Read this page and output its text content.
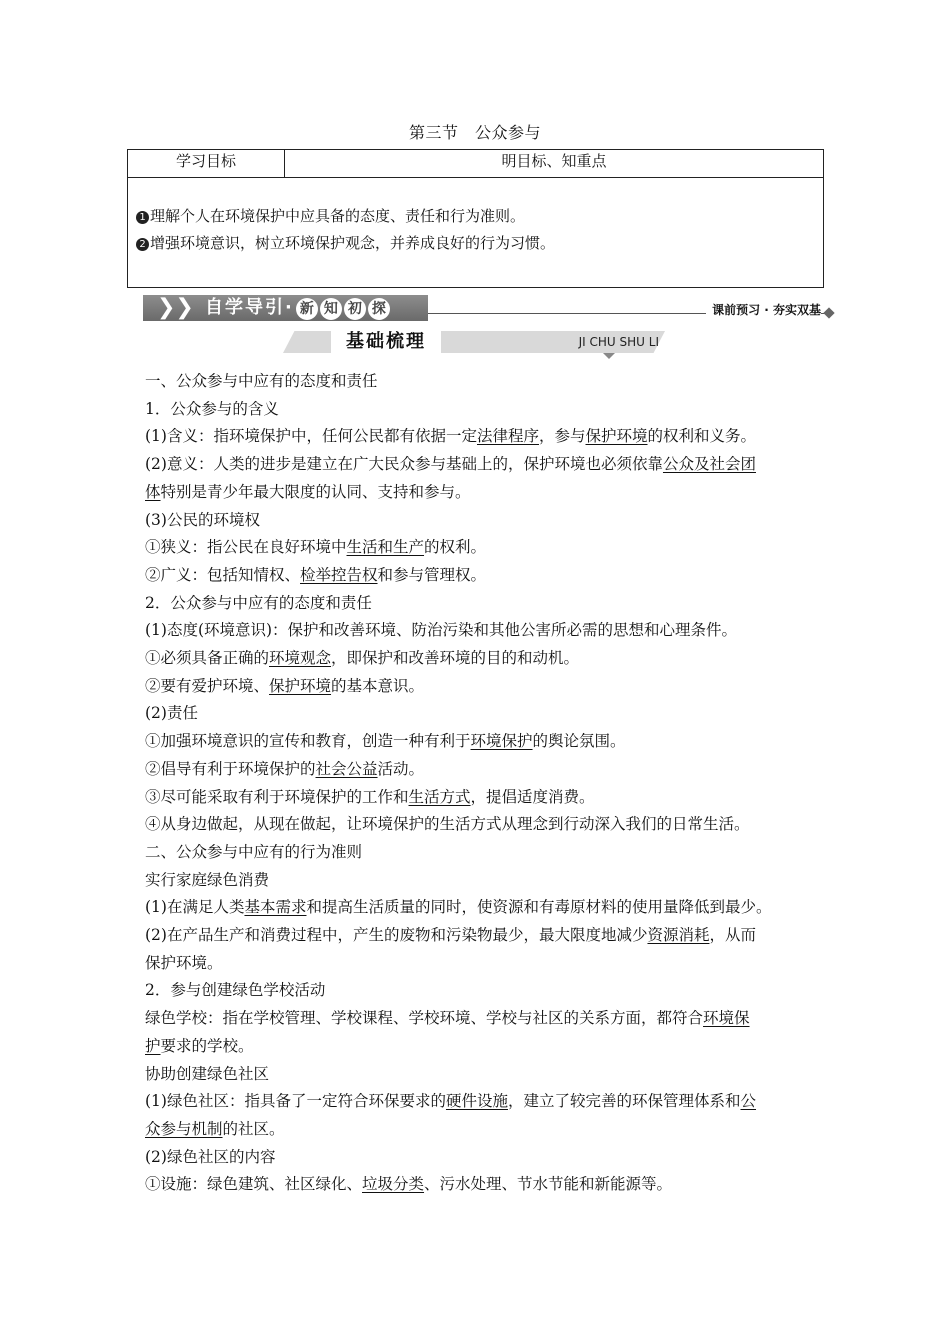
第三节　公众参与
学习目标	明目标、知重点
1 理解个人在环境保护中应具备的态度、责任和行为准则。
2 增强环境意识，树立环境保护观念，并养成良好的行为习惯。
❯❯ 自学导引· 新 知 初 探	课前预习 · 夯实双基
基础梳理	JI CHU SHU LI

一、公众参与中应有的态度和责任

1．公众参与的含义

(1)含义：指环境保护中，任何公民都有依据一定法律程序，参与保护环境的权利和义务。

(2)意义：人类的进步是建立在广大民众参与基础上的，保护环境也必须依靠公众及社会团

体特别是青少年最大限度的认同、支持和参与。

(3)公民的环境权

①狭义：指公民在良好环境中生活和生产的权利。

②广义：包括知情权、检举控告权和参与管理权。

2．公众参与中应有的态度和责任

(1)态度(环境意识)：保护和改善环境、防治污染和其他公害所必需的思想和心理条件。

①必须具备正确的环境观念，即保护和改善环境的目的和动机。

②要有爱护环境、保护环境的基本意识。

(2)责任

①加强环境意识的宣传和教育，创造一种有利于环境保护的舆论氛围。

②倡导有利于环境保护的社会公益活动。

③尽可能采取有利于环境保护的工作和生活方式，提倡适度消费。

④从身边做起，从现在做起，让环境保护的生活方式从理念到行动深入我们的日常生活。

二、公众参与中应有的行为准则

实行家庭绿色消费

(1)在满足人类基本需求和提高生活质量的同时，使资源和有毒原材料的使用量降低到最少。

(2)在产品生产和消费过程中，产生的废物和污染物最少，最大限度地减少资源消耗，从而

保护环境。

2．参与创建绿色学校活动

绿色学校：指在学校管理、学校课程、学校环境、学校与社区的关系方面，都符合环境保

护要求的学校。

协助创建绿色社区

(1)绿色社区：指具备了一定符合环保要求的硬件设施，建立了较完善的环保管理体系和公

众参与机制的社区。

(2)绿色社区的内容

①设施：绿色建筑、社区绿化、垃圾分类、污水处理、节水节能和新能源等。
